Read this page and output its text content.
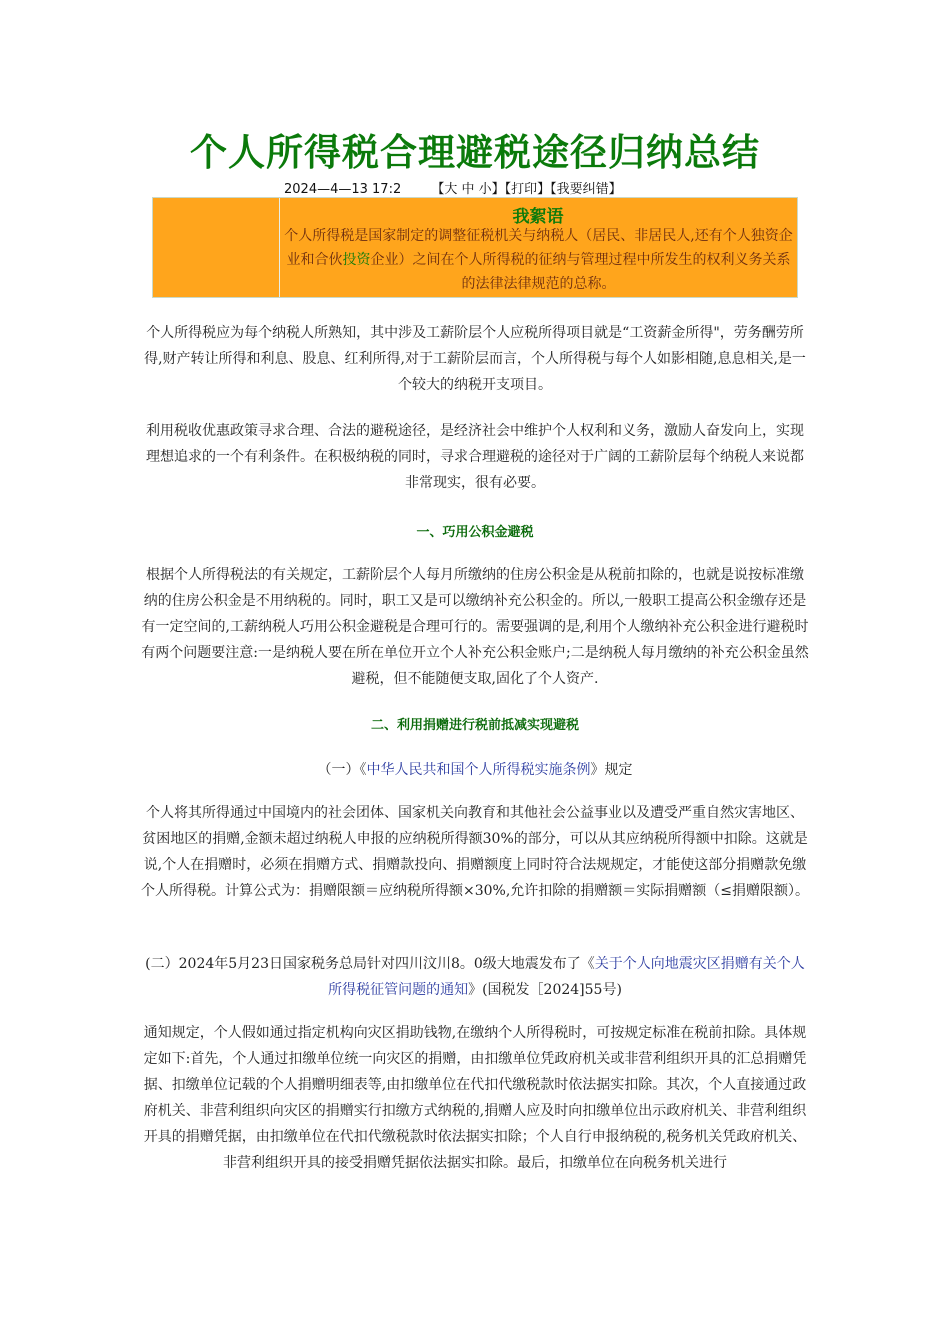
个人所得税合理避税途径归纳总结
2024—4—13 17:2 【大 中 小】【打印】【我要纠错】
我絮语
个人所得税是国家制定的调整征税机关与纳税人（居民、非居民人,还有个人独资企业和合伙投资企业）之间在个人所得税的征纳与管理过程中所发生的权利义务关系的法律法律规范的总称。
个人所得税应为每个纳税人所熟知，其中涉及工薪阶层个人应税所得项目就是“工资薪金所得"，劳务酬劳所得,财产转让所得和利息、股息、红利所得,对于工薪阶层而言，个人所得税与每个人如影相随,息息相关,是一个较大的纳税开支项目。
利用税收优惠政策寻求合理、合法的避税途径，是经济社会中维护个人权利和义务，激励人奋发向上，实现理想追求的一个有利条件。在积极纳税的同时，寻求合理避税的途径对于广阔的工薪阶层每个纳税人来说都非常现实，很有必要。
一、巧用公积金避税
根据个人所得税法的有关规定，工薪阶层个人每月所缴纳的住房公积金是从税前扣除的，也就是说按标准缴纳的住房公积金是不用纳税的。同时，职工又是可以缴纳补充公积金的。所以,一般职工提高公积金缴存还是有一定空间的,工薪纳税人巧用公积金避税是合理可行的。需要强调的是,利用个人缴纳补充公积金进行避税时有两个问题要注意:一是纳税人要在所在单位开立个人补充公积金账户;二是纳税人每月缴纳的补充公积金虽然避税，但不能随便支取,固化了个人资产.
二、利用捐赠进行税前抵减实现避税
（一）《中华人民共和国个人所得税实施条例》规定
个人将其所得通过中国境内的社会团体、国家机关向教育和其他社会公益事业以及遭受严重自然灾害地区、贫困地区的捐赠,金额未超过纳税人申报的应纳税所得额30%的部分，可以从其应纳税所得额中扣除。这就是说,个人在捐赠时，必须在捐赠方式、捐赠款投向、捐赠额度上同时符合法规规定，才能使这部分捐赠款免缴个人所得税。计算公式为：捐赠限额＝应纳税所得额×30%,允许扣除的捐赠额＝实际捐赠额（≤捐赠限额）。
(二）2024年5月23日国家税务总局针对四川汶川8。0级大地震发布了《关于个人向地震灾区捐赠有关个人所得税征管问题的通知》(国税发［2024]55号)
通知规定，个人假如通过指定机构向灾区捐助钱物,在缴纳个人所得税时，可按规定标准在税前扣除。具体规定如下:首先，个人通过扣缴单位统一向灾区的捐赠，由扣缴单位凭政府机关或非营利组织开具的汇总捐赠凭据、扣缴单位记载的个人捐赠明细表等,由扣缴单位在代扣代缴税款时依法据实扣除。其次，个人直接通过政府机关、非营利组织向灾区的捐赠实行扣缴方式纳税的,捐赠人应及时向扣缴单位出示政府机关、非营利组织开具的捐赠凭据，由扣缴单位在代扣代缴税款时依法据实扣除；个人自行申报纳税的,税务机关凭政府机关、非营利组织开具的接受捐赠凭据依法据实扣除。最后，扣缴单位在向税务机关进行
